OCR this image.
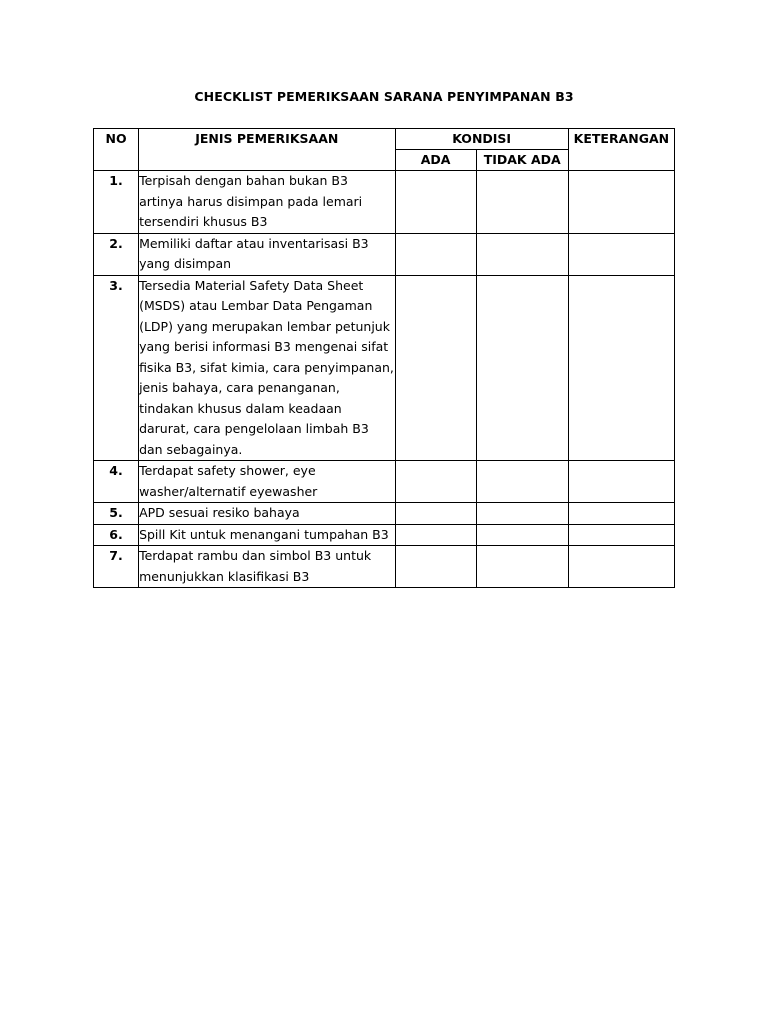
CHECKLIST PEMERIKSAAN SARANA PENYIMPANAN B3
NO	JENIS PEMERIKSAAN	KONDISI		KETERANGAN
		ADA	TIDAK ADA	
1.	Terpisah dengan bahan bukan B3 artinya harus disimpan pada lemari tersendiri khusus B3			
2.	Memiliki daftar atau inventarisasi B3 yang disimpan			
3.	Tersedia Material Safety Data Sheet (MSDS) atau Lembar Data Pengaman (LDP) yang merupakan lembar petunjuk yang berisi informasi B3 mengenai sifat fisika B3, sifat kimia, cara penyimpanan, jenis bahaya, cara penanganan, tindakan khusus dalam keadaan darurat, cara pengelolaan limbah B3 dan sebagainya.			
4.	Terdapat safety shower, eye washer/alternatif eyewasher			
5.	APD sesuai resiko bahaya			
6.	Spill Kit untuk menangani tumpahan B3			
7.	Terdapat rambu dan simbol B3 untuk menunjukkan klasifikasi B3			
